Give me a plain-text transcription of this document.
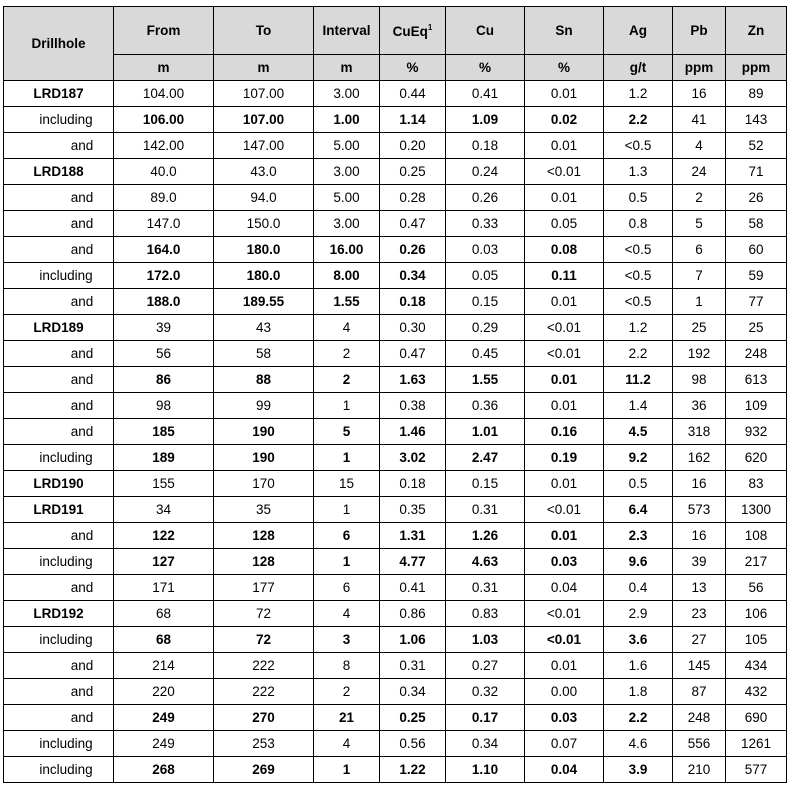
Drillhole	From	To	Interval	CuEq$^1$	Cu	Sn	Ag	Pb	Zn
	m	m	m	%	%	%	g/t	ppm	ppm
LRD187	104.00	107.00	3.00	0.44	0.41	0.01	1.2	16	89
including	106.00	107.00	1.00	1.14	1.09	0.02	2.2	41	143
and	142.00	147.00	5.00	0.20	0.18	0.01	<0.5	4	52
LRD188	40.0	43.0	3.00	0.25	0.24	<0.01	1.3	24	71
and	89.0	94.0	5.00	0.28	0.26	0.01	0.5	2	26
and	147.0	150.0	3.00	0.47	0.33	0.05	0.8	5	58
and	164.0	180.0	16.00	0.26	0.03	0.08	<0.5	6	60
including	172.0	180.0	8.00	0.34	0.05	0.11	<0.5	7	59
and	188.0	189.55	1.55	0.18	0.15	0.01	<0.5	1	77
LRD189	39	43	4	0.30	0.29	<0.01	1.2	25	25
and	56	58	2	0.47	0.45	<0.01	2.2	192	248
and	86	88	2	1.63	1.55	0.01	11.2	98	613
and	98	99	1	0.38	0.36	0.01	1.4	36	109
and	185	190	5	1.46	1.01	0.16	4.5	318	932
including	189	190	1	3.02	2.47	0.19	9.2	162	620
LRD190	155	170	15	0.18	0.15	0.01	0.5	16	83
LRD191	34	35	1	0.35	0.31	<0.01	6.4	573	1300
and	122	128	6	1.31	1.26	0.01	2.3	16	108
including	127	128	1	4.77	4.63	0.03	9.6	39	217
and	171	177	6	0.41	0.31	0.04	0.4	13	56
LRD192	68	72	4	0.86	0.83	<0.01	2.9	23	106
including	68	72	3	1.06	1.03	<0.01	3.6	27	105
and	214	222	8	0.31	0.27	0.01	1.6	145	434
and	220	222	2	0.34	0.32	0.00	1.8	87	432
and	249	270	21	0.25	0.17	0.03	2.2	248	690
including	249	253	4	0.56	0.34	0.07	4.6	556	1261
including	268	269	1	1.22	1.10	0.04	3.9	210	577
